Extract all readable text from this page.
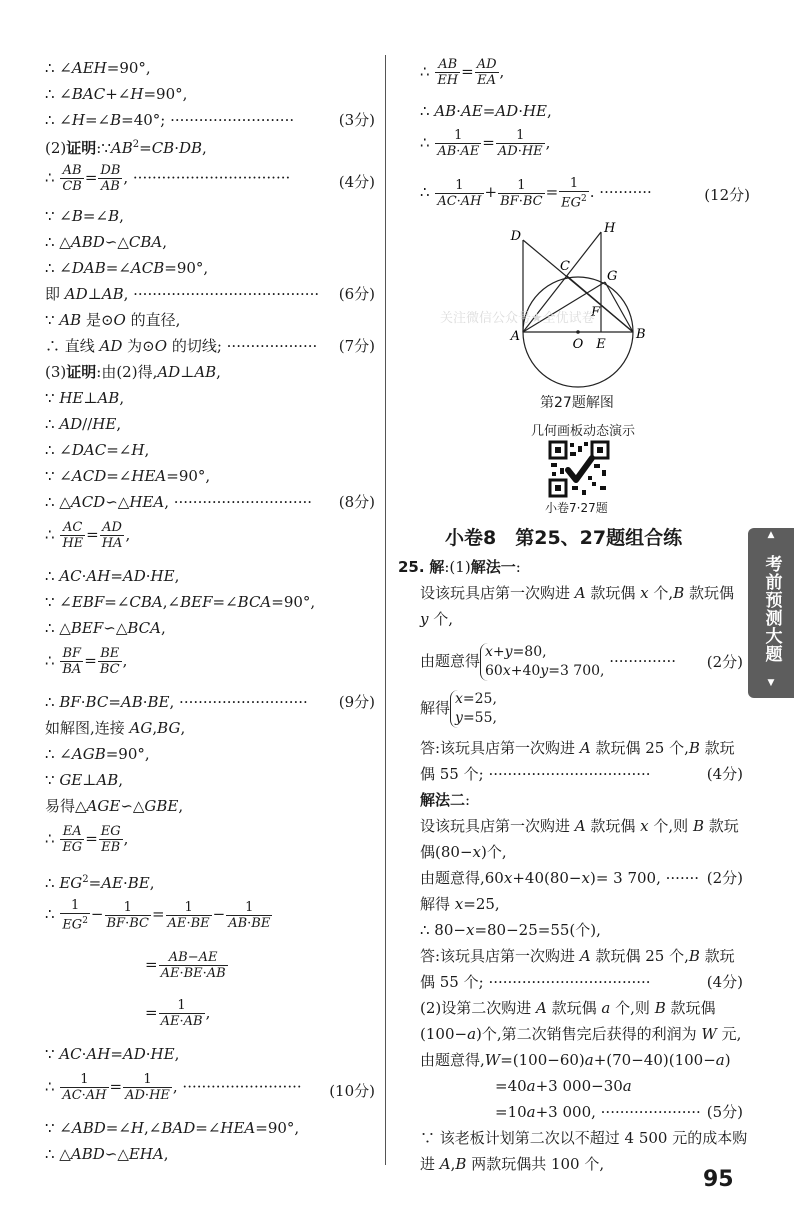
∴ ∠AEH=90°,
∴ ∠BAC+∠H=90°,
∴ ∠H=∠B=40°; ··························	(3分)
(2)证明$:\because AB^2=CB\cdot DB$,
∴ $\frac{AB}{CB} = \frac{DB}{AB}$ , ·································	(4分)
∵ ∠B=∠B,
∴ △ABD∽△CBA,
∴ ∠DAB=∠ACB=90°,
即 AD⊥AB, ······································· (6分)
∵ AB 是⊙O 的直径,
∴ 直线 AD 为⊙O 的切线; ··················· (7分)
(3)证明:由(2)得,AD⊥AB,
∵ HE⊥AB,
∴ AD//HE,
∴ ∠DAC=∠H,
∵ ∠ACD=∠HEA=90°,
∴ △ACD∽△HEA, ····························· (8分)
∴ $\frac{AC}{HE} = \frac{AD}{HA}$ ,
∴ AC·AH=AD·HE,
∵ ∠EBF=∠CBA,∠BEF=∠BCA=90°,
∴ △BEF∽△BCA,
∴ $\frac{BF}{BA} = \frac{BE}{BC}$ ,
∴ BF·BC=AB·BE, ··························· (9分)
如解图,连接 AG,BG,
∴ ∠AGB=90°,
∵ GE⊥AB,
易得△AGE∽△GBE,
∴ $\frac{EA}{EG} = \frac{EG}{EB}$ ,
∴ $EG^2=AE\cdot BE$,
∴ $\frac{1}{EG^2} - \frac{1}{BF\cdot BC} = \frac{1}{AE\cdot BE} - \frac{1}{AB\cdot BE}$
= $\frac{AB-AE}{AE\cdot BE\cdot AB}$
= $\frac{1}{AE\cdot AB}$ ,
∵ AC·AH=AD·HE,
∴ $\frac{1}{AC\cdot AH} = \frac{1}{AD\cdot HE}$ , ························· (10分)
∵ ∠ABD=∠H,∠BAD=∠HEA=90°,
∴ △ABD∽△EHA,
∴ $\frac{AB}{EH} = \frac{AD}{EA}$ ,
∴ AB·AE=AD·HE,
∴ $\frac{1}{AB\cdot AE} = \frac{1}{AD\cdot HE}$ ,
∴ $\frac{1}{AC\cdot AH} + \frac{1}{BF\cdot BC} = \frac{1}{EG^2}$ . ···········	(12分)
D
H
C
G
F
A
O E
B
关注微信公众号★全优试卷
第27题解图
几何画板动态演示
小卷7·27题
小卷8　第25、27题组合练	▲
考前预测大题
▼
25. 解:(1)解法一:
设该玩具店第一次购进 A 款玩偶 x 个,B 款玩偶
y 个,
由题意得 x+y=80,
60x+40y=3 700, ·············· (2分)
解得 x=25,
y=55,
答:该玩具店第一次购进 A 款玩偶 25 个,B 款玩
偶 55 个; ··································	(4分)
解法二:
设该玩具店第一次购进 A 款玩偶 x 个,则 B 款玩
偶(80−x)个,
由题意得,60x+40(80−x)= 3 700, ······· (2分)
解得 x=25,
∴ 80−x=80−25=55(个),
答:该玩具店第一次购进 A 款玩偶 25 个,B 款玩
偶 55 个; ··································	(4分)
(2)设第二次购进 A 款玩偶 a 个,则 B 款玩偶
(100−a)个,第二次销售完后获得的利润为 W 元,
由题意得,W=(100−60)a+(70−40)(100−a)
=40a+3 000−30a
=10a+3 000, ····················· (5分)
∵ 该老板计划第二次以不超过 4 500 元的成本购
进 A,B 两款玩偶共 100 个,
95
